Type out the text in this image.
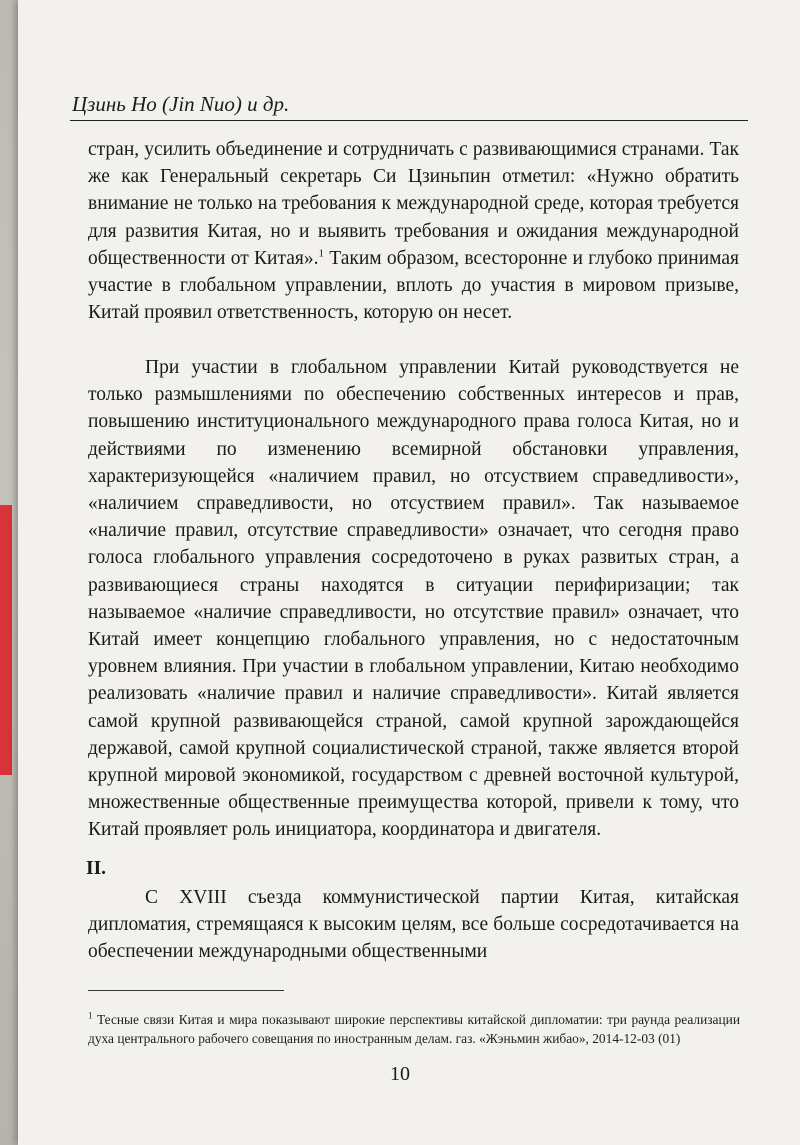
Цзинь Но (Jin Nuo) и др.

стран, усилить объединение и сотрудничать с развивающимися странами. Так же как Генеральный секретарь Си Цзиньпин отметил: «Нужно обратить внимание не только на требования к международной среде, которая требуется для развития Китая, но и выявить требования и ожидания международной общественности от Китая».$^1$ Таким образом, всесторонне и глубоко принимая участие в глобальном управлении, вплоть до участия в мировом призыве, Китай проявил ответственность, которую он несет.

При участии в глобальном управлении Китай руководствуется не только размышлениями по обеспечению собственных интересов и прав, повышению институционального международного права голоса Китая, но и действиями по изменению всемирной обстановки управления, характеризующейся «наличием правил, но отсуствием справедливости», «наличием справедливости, но отсуствием правил». Так называемое «наличие правил, отсутствие справедливости» означает, что сегодня право голоса глобального управления сосредоточено в руках развитых стран, а развивающиеся страны находятся в ситуации перифиризации; так называемое «наличие справедливости, но отсутствие правил» означает, что Китай имеет концепцию глобального управления, но с недостаточным уровнем влияния. При участии в глобальном управлении, Китаю необходимо реализовать «наличие правил и наличие справедливости». Китай является самой крупной развивающейся страной, самой крупной зарождающейся державой, самой крупной социалистической страной, также является второй крупной мировой экономикой, государством с древней восточной культурой, множественные общественные преимущества которой, привели к тому, что Китай проявляет роль инициатора, координатора и двигателя.

II.

С XVIII съезда коммунистической партии Китая, китайская дипломатия, стремящаяся к высоким целям, все больше сосредотачивается на обеспечении международными общественными

$^1$ Тесные связи Китая и мира показывают широкие перспективы китайской дипломатии: три раунда реализации духа центрального рабочего совещания по иностранным делам. газ. «Жэньмин жибао», 2014-12-03 (01)
10
